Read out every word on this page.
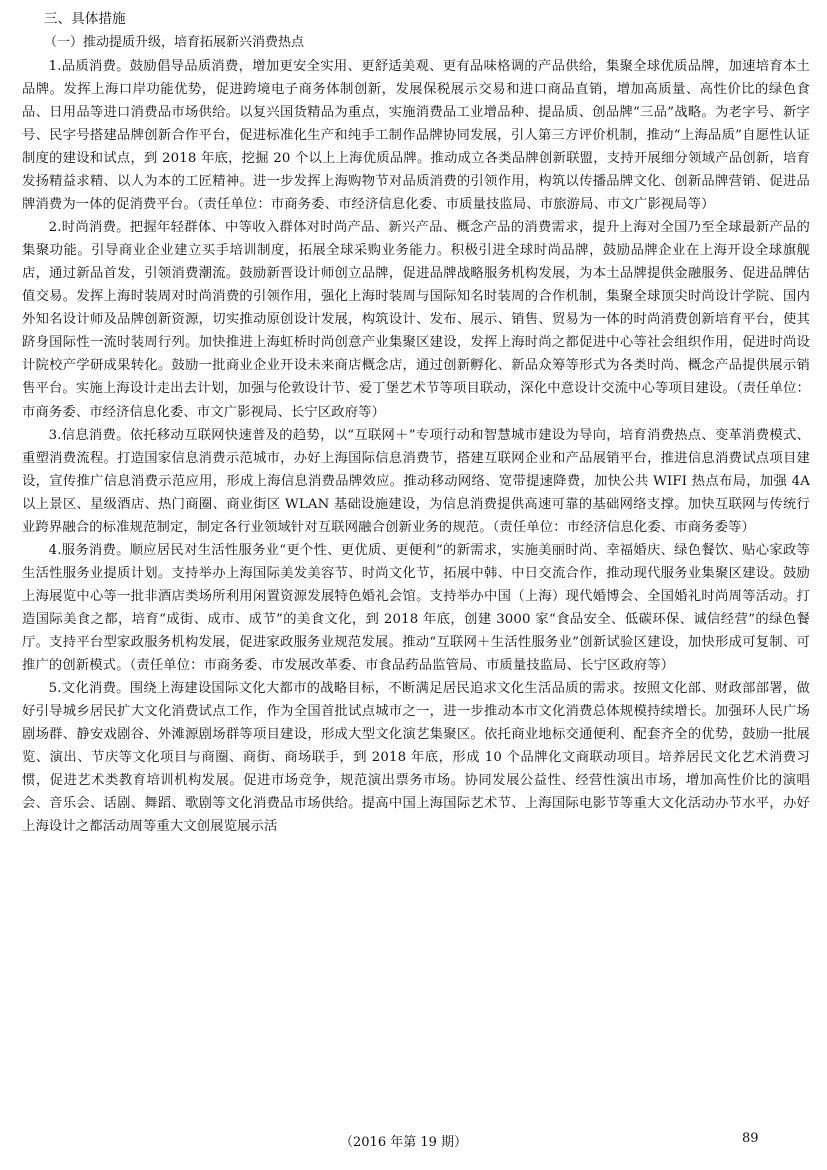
三、具体措施

（一）推动提质升级，培育拓展新兴消费热点

1.品质消费。鼓励倡导品质消费，增加更安全实用、更舒适美观、更有品味格调的产品供给，集聚全球优质品牌，加速培育本土品牌。发挥上海口岸功能优势，促进跨境电子商务体制创新，发展保税展示交易和进口商品直销，增加高质量、高性价比的绿色食品、日用品等进口消费品市场供给。以复兴国货精品为重点，实施消费品工业增品种、提品质、创品牌“三品”战略。为老字号、新字号、民字号搭建品牌创新合作平台，促进标准化生产和纯手工制作品牌协同发展，引人第三方评价机制，推动“上海品质”自愿性认证制度的建设和试点，到 2018 年底，挖掘 20 个以上上海优质品牌。推动成立各类品牌创新联盟，支持开展细分领域产品创新，培育发扬精益求精、以人为本的工匠精神。进一步发挥上海购物节对品质消费的引领作用，构筑以传播品牌文化、创新品牌营销、促进品牌消费为一体的促消费平台。（责任单位：市商务委、市经济信息化委、市质量技监局、市旅游局、市文广影视局等）

2.时尚消费。把握年轻群体、中等收入群体对时尚产品、新兴产品、概念产品的消费需求，提升上海对全国乃至全球最新产品的集聚功能。引导商业企业建立买手培训制度，拓展全球采购业务能力。积极引进全球时尚品牌，鼓励品牌企业在上海开设全球旗舰店，通过新品首发，引领消费潮流。鼓励新晋设计师创立品牌，促进品牌战略服务机构发展，为本土品牌提供金融服务、促进品牌估值交易。发挥上海时装周对时尚消费的引领作用，强化上海时装周与国际知名时装周的合作机制，集聚全球顶尖时尚设计学院、国内外知名设计师及品牌创新资源，切实推动原创设计发展，构筑设计、发布、展示、销售、贸易为一体的时尚消费创新培育平台，使其跻身国际性一流时装周行列。加快推进上海虹桥时尚创意产业集聚区建设，发挥上海时尚之都促进中心等社会组织作用，促进时尚设计院校产学研成果转化。鼓励一批商业企业开设未来商店概念店，通过创新孵化、新品众筹等形式为各类时尚、概念产品提供展示销售平台。实施上海设计走出去计划，加强与伦敦设计节、爱丁堡艺术节等项目联动，深化中意设计交流中心等项目建设。（责任单位：市商务委、市经济信息化委、市文广影视局、长宁区政府等）

3.信息消费。依托移动互联网快速普及的趋势，以“互联网＋”专项行动和智慧城市建设为导向，培育消费热点、变革消费模式、重塑消费流程。打造国家信息消费示范城市，办好上海国际信息消费节，搭建互联网企业和产品展销平台，推进信息消费试点项目建设，宣传推广信息消费示范应用，形成上海信息消费品牌效应。推动移动网络、宽带提速降费，加快公共 WIFI 热点布局，加强 4A 以上景区、星级酒店、热门商圈、商业街区 WLAN 基础设施建设，为信息消费提供高速可靠的基础网络支撑。加快互联网与传统行业跨界融合的标准规范制定，制定各行业领域针对互联网融合创新业务的规范。（责任单位：市经济信息化委、市商务委等）

4.服务消费。顺应居民对生活性服务业“更个性、更优质、更便利”的新需求，实施美丽时尚、幸福婚庆、绿色餐饮、贴心家政等生活性服务业提质计划。支持举办上海国际美发美容节、时尚文化节，拓展中韩、中日交流合作，推动现代服务业集聚区建设。鼓励上海展览中心等一批非酒店类场所利用闲置资源发展特色婚礼会馆。支持举办中国（上海）现代婚博会、全国婚礼时尚周等活动。打造国际美食之都，培育“成街、成市、成节”的美食文化，到 2018 年底，创建 3000 家“食品安全、低碳环保、诚信经营”的绿色餐厅。支持平台型家政服务机构发展，促进家政服务业规范发展。推动“互联网＋生活性服务业”创新试验区建设，加快形成可复制、可推广的创新模式。（责任单位：市商务委、市发展改革委、市食品药品监管局、市质量技监局、长宁区政府等）

5.文化消费。围绕上海建设国际文化大都市的战略目标，不断满足居民追求文化生活品质的需求。按照文化部、财政部部署，做好引导城乡居民扩大文化消费试点工作，作为全国首批试点城市之一，进一步推动本市文化消费总体规模持续增长。加强环人民广场剧场群、静安戏剧谷、外滩源剧场群等项目建设，形成大型文化演艺集聚区。依托商业地标交通便利、配套齐全的优势，鼓励一批展览、演出、节庆等文化项目与商圈、商街、商场联手，到 2018 年底，形成 10 个品牌化文商联动项目。培养居民文化艺术消费习惯，促进艺术类教育培训机构发展。促进市场竞争，规范演出票务市场。协同发展公益性、经营性演出市场，增加高性价比的演唱会、音乐会、话剧、舞蹈、歌剧等文化消费品市场供给。提高中国上海国际艺术节、上海国际电影节等重大文化活动办节水平，办好上海设计之都活动周等重大文创展览展示活

（2016 年第 19 期）	89
